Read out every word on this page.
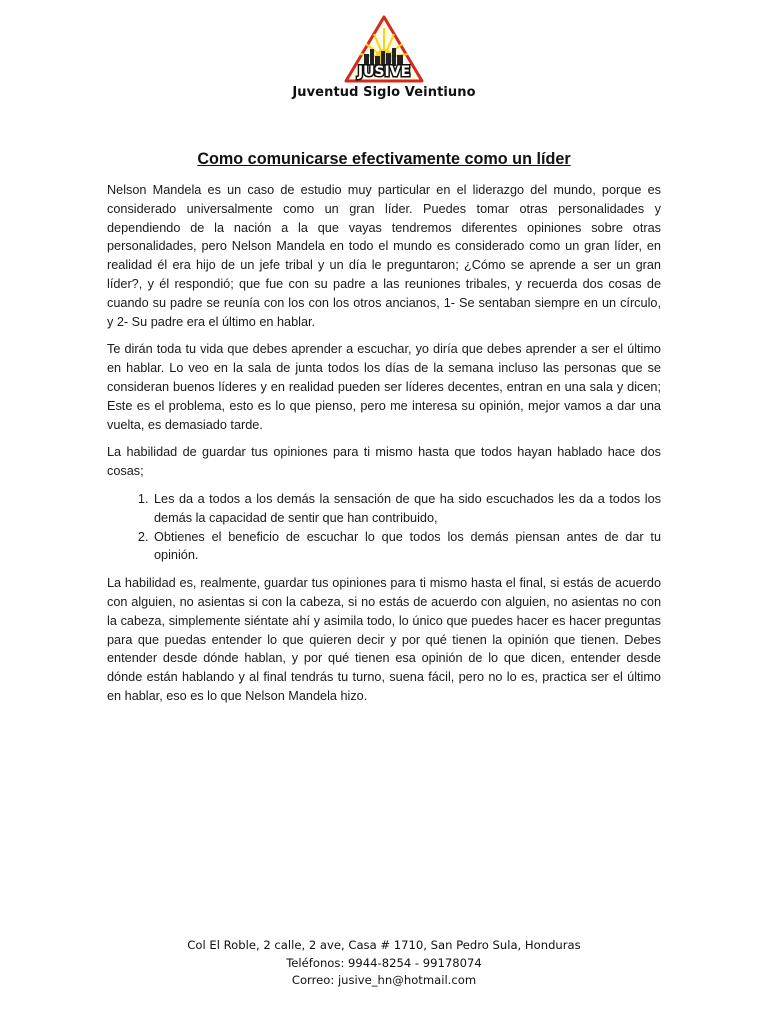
JUSIVE
Juventud Siglo Veintiuno
Como comunicarse efectivamente como un líder

Nelson Mandela es un caso de estudio muy particular en el liderazgo del mundo, porque es considerado universalmente como un gran líder. Puedes tomar otras personalidades y dependiendo de la nación a la que vayas tendremos diferentes opiniones sobre otras personalidades, pero Nelson Mandela en todo el mundo es considerado como un gran líder, en realidad él era hijo de un jefe tribal y un día le preguntaron; ¿Cómo se aprende a ser un gran líder?, y él respondió; que fue con su padre a las reuniones tribales, y recuerda dos cosas de cuando su padre se reunía con los con los otros ancianos, 1- Se sentaban siempre en un círculo, y 2- Su padre era el último en hablar.

Te dirán toda tu vida que debes aprender a escuchar, yo diría que debes aprender a ser el último en hablar. Lo veo en la sala de junta todos los días de la semana incluso las personas que se consideran buenos líderes y en realidad pueden ser líderes decentes, entran en una sala y dicen; Este es el problema, esto es lo que pienso, pero me interesa su opinión, mejor vamos a dar una vuelta, es demasiado tarde.

La habilidad de guardar tus opiniones para ti mismo hasta que todos hayan hablado hace dos cosas;

1. Les da a todos a los demás la sensación de que ha sido escuchados les da a todos los demás la capacidad de sentir que han contribuido,
2. Obtienes el beneficio de escuchar lo que todos los demás piensan antes de dar tu opinión.

La habilidad es, realmente, guardar tus opiniones para ti mismo hasta el final, si estás de acuerdo con alguien, no asientas si con la cabeza, si no estás de acuerdo con alguien, no asientas no con la cabeza, simplemente siéntate ahí y asimila todo, lo único que puedes hacer es hacer preguntas para que puedas entender lo que quieren decir y por qué tienen la opinión que tienen. Debes entender desde dónde hablan, y por qué tienen esa opinión de lo que dicen, entender desde dónde están hablando y al final tendrás tu turno, suena fácil, pero no lo es, practica ser el último en hablar, eso es lo que Nelson Mandela hizo.

Col El Roble, 2 calle, 2 ave, Casa # 1710, San Pedro Sula, Honduras
Teléfonos: 9944-8254 - 99178074
Correo: jusive_hn@hotmail.com
